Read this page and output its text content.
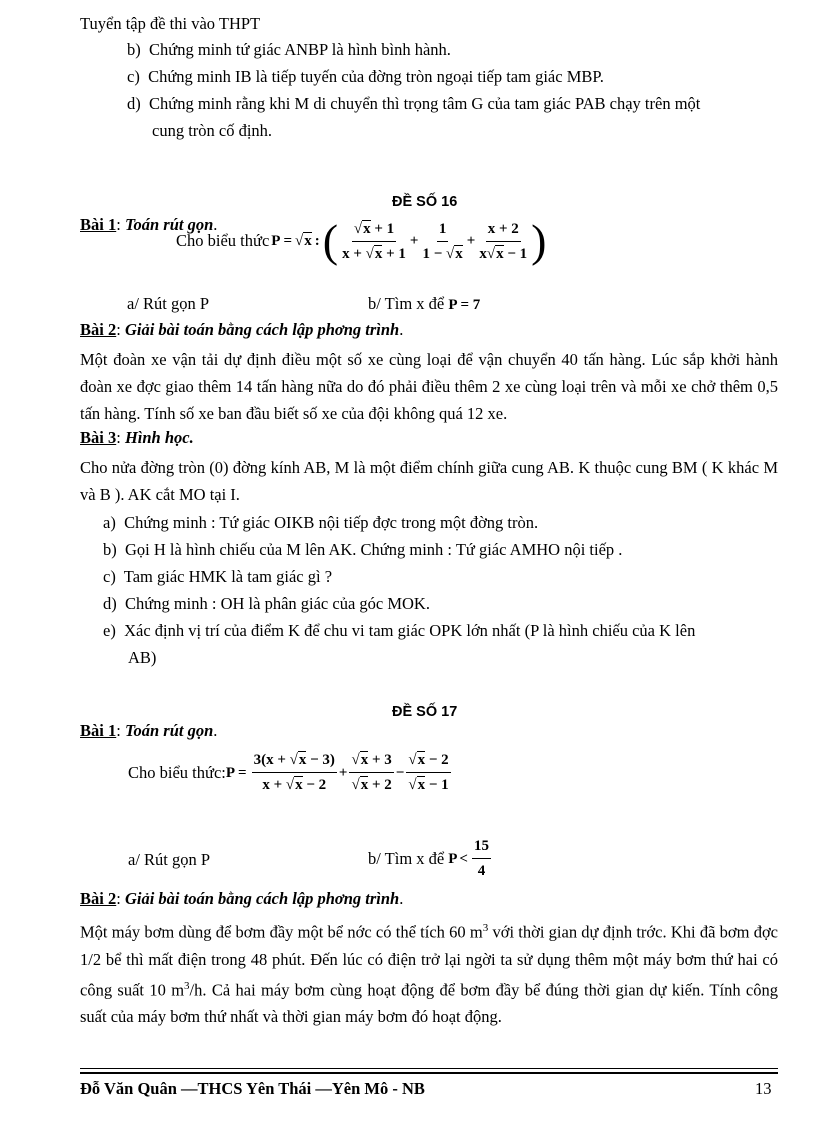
Tuyển tập đề thi vào THPT
b) Chứng minh tứ giác ANBP là hình bình hành.
c) Chứng minh IB là tiếp tuyến của đờng tròn ngoại tiếp tam giác MBP.
d) Chứng minh rằng khi M di chuyển thì trọng tâm G của tam giác PAB chạy trên một
cung tròn cố định.
ĐỀ SỐ 16
Bài 1: Toán rút gọn.
Cho biểu thức P = √x : ( $\frac{√x + 1}{x + √x + 1} + \frac{1}{1 - √x} + \frac{x + 2}{x√x - 1}$ )
a/ Rút gọn P	b/ Tìm x để P = 7
Bài 2: Giải bài toán bằng cách lập phơng trình.
Một đoàn xe vận tải dự định điều một số xe cùng loại để vận chuyển 40 tấn hàng. Lúc sắp khởi hành đoàn xe đợc giao thêm 14 tấn hàng nữa do đó phải điều thêm 2 xe cùng loại trên và mỗi xe chở thêm 0,5 tấn hàng. Tính số xe ban đầu biết số xe của đội không quá 12 xe.
Bài 3: Hình học.
Cho nửa đờng tròn (0) đờng kính AB, M là một điểm chính giữa cung AB. K thuộc cung BM ( K khác M và B ). AK cắt MO tại I.
a) Chứng minh : Tứ giác OIKB nội tiếp đợc trong một đờng tròn.
b) Gọi H là hình chiếu của M lên AK. Chứng minh : Tứ giác AMHO nội tiếp .
c) Tam giác HMK là tam giác gì ?
d) Chứng minh : OH là phân giác của góc MOK.
e) Xác định vị trí của điểm K để chu vi tam giác OPK lớn nhất (P là hình chiếu của K lên
AB)
ĐỀ SỐ 17
Bài 1: Toán rút gọn.
Cho biểu thức: $P = \frac{3(x + √x - 3)}{x + √x - 2} + \frac{√x + 3}{√x + 2} - \frac{√x - 2}{√x - 1}$
a/ Rút gọn P	b/ Tìm x để $P < \frac{15}{4}$
Bài 2: Giải bài toán bằng cách lập phơng trình.
Một máy bơm dùng để bơm đầy một bể nớc có thể tích 60 $m^3$ với thời gian dự định trớc. Khi đã bơm đợc 1/2 bể thì mất điện trong 48 phút. Đến lúc có điện trở lại ngời ta sử dụng thêm một máy bơm thứ hai có công suất 10 $m^3/h$. Cả hai máy bơm cùng hoạt động để bơm đầy bể đúng thời gian dự kiến. Tính công suất của máy bơm thứ nhất và thời gian máy bơm đó hoạt động.
Đỗ Văn Quân —THCS Yên Thái —Yên Mô - NB	13
